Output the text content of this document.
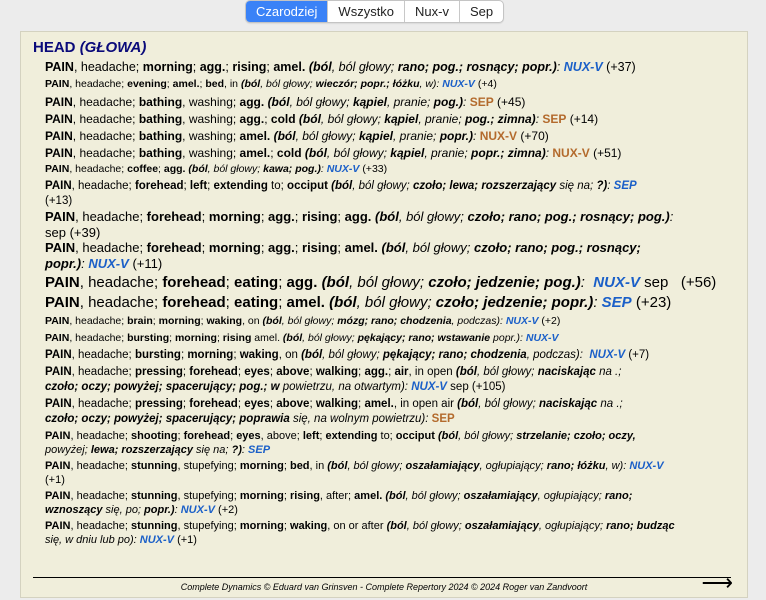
Czarodziej	Wszystko	Nux-v	Sep
HEAD (GŁOWA)
PAIN, headache; morning; agg.; rising; amel. (ból, ból głowy; rano; pog.; rosnący; popr.): NUX-V (+37)
PAIN, headache; evening; amel.; bed, in (ból, ból głowy; wieczór; popr.; łóżku, w): NUX-V (+4)
PAIN, headache; bathing, washing; agg. (ból, ból głowy; kąpiel, pranie; pog.): SEP (+45)
PAIN, headache; bathing, washing; agg.; cold (ból, ból głowy; kąpiel, pranie; pog.; zimna): SEP (+14)
PAIN, headache; bathing, washing; amel. (ból, ból głowy; kąpiel, pranie; popr.): NUX-V (+70)
PAIN, headache; bathing, washing; amel.; cold (ból, ból głowy; kąpiel, pranie; popr.; zimna): NUX-V (+51)
PAIN, headache; coffee; agg. (ból, ból głowy; kawa; pog.): NUX-V (+33)
PAIN, headache; forehead; left; extending to; occiput (ból, ból głowy; czoło; lewa; rozszerzający się na; ?): SEP
(+13)
PAIN, headache; forehead; morning; agg.; rising; agg. (ból, ból głowy; czoło; rano; pog.; rosnący; pog.):
sep (+39)
PAIN, headache; forehead; morning; agg.; rising; amel. (ból, ból głowy; czoło; rano; pog.; rosnący;
popr.): NUX-V (+11)
PAIN, headache; forehead; eating; agg. (ból, ból głowy; czoło; jedzenie; pog.): NUX-V sep (+56)
PAIN, headache; forehead; eating; amel. (ból, ból głowy; czoło; jedzenie; popr.): SEP (+23)
PAIN, headache; brain; morning; waking, on (ból, ból głowy; mózg; rano; chodzenia, podczas): NUX-V (+2)
PAIN, headache; bursting; morning; rising amel. (ból, ból głowy; pękający; rano; wstawanie popr.): NUX-V
PAIN, headache; bursting; morning; waking, on (ból, ból głowy; pękający; rano; chodzenia, podczas): NUX-V (+7)
PAIN, headache; pressing; forehead; eyes; above; walking; agg.; air, in open (ból, ból głowy; naciskając na .;
czoło; oczy; powyżej; spacerujący; pog.; w powietrzu, na otwartym): NUX-V sep (+105)
PAIN, headache; pressing; forehead; eyes; above; walking; amel., in open air (ból, ból głowy; naciskając na .;
czoło; oczy; powyżej; spacerujący; poprawia się, na wolnym powietrzu): SEP
PAIN, headache; shooting; forehead; eyes, above; left; extending to; occiput (ból, ból głowy; strzelanie; czoło; oczy,
powyżej; lewa; rozszerzający się na; ?): SEP
PAIN, headache; stunning, stupefying; morning; bed, in (ból, ból głowy; oszałamiający, ogłupiający; rano; łóżku, w): NUX-V
(+1)
PAIN, headache; stunning, stupefying; morning; rising, after; amel. (ból, ból głowy; oszałamiający, ogłupiający; rano;
wznoszący się, po; popr.): NUX-V (+2)
PAIN, headache; stunning, stupefying; morning; waking, on or after (ból, ból głowy; oszałamiający, ogłupiający; rano; budząc
się, w dniu lub po): NUX-V (+1)
Complete Dynamics © Eduard van Grinsven - Complete Repertory 2024 © 2024 Roger van Zandvoort	⟶
